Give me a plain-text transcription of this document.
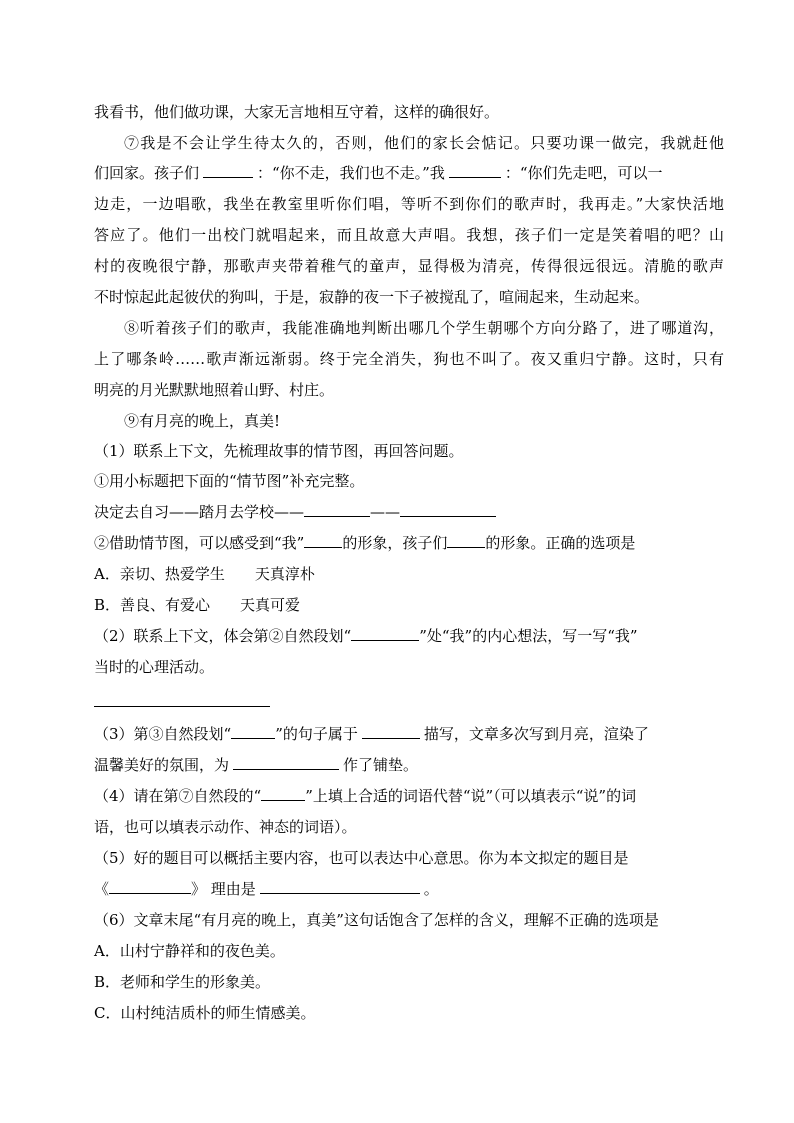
我看书，他们做功课，大家无言地相互守着，这样的确很好。
⑦我是不会让学生待太久的，否则，他们的家长会惦记。只要功课一做完，我就赶他
们回家。孩子们	：“你不走，我们也不走。”我	：“你们先走吧，可以一
边走，一边唱歌，我坐在教室里听你们唱，等听不到你们的歌声时，我再走。”大家快活地
答应了。他们一出校门就唱起来，而且故意大声唱。我想，孩子们一定是笑着唱的吧？山
村的夜晚很宁静，那歌声夹带着稚气的童声，显得极为清亮，传得很远很远。清脆的歌声
不时惊起此起彼伏的狗叫，于是，寂静的夜一下子被搅乱了，喧闹起来，生动起来。
⑧听着孩子们的歌声，我能准确地判断出哪几个学生朝哪个方向分路了，进了哪道沟，
上了哪条岭……歌声渐远渐弱。终于完全消失，狗也不叫了。夜又重归宁静。这时，只有
明亮的月光默默地照着山野、村庄。
⑨有月亮的晚上，真美!
（1）联系上下文，先梳理故事的情节图，再回答问题。
①用小标题把下面的“情节图”补充完整。
决定去自习——踏月去学校——	——
②借助情节图，可以感受到“我”	的形象，孩子们	的形象。正确的选项是
A．亲切、热爱学生　　天真淳朴
B．善良、有爱心　　天真可爱
（2）联系上下文，体会第②自然段划“	”处“我”的内心想法，写一写“我”
当时的心理活动。
（3）第③自然段划“	”的句子属于	描写，文章多次写到月亮，渲染了
温馨美好的氛围，为	作了铺垫。
（4）请在第⑦自然段的“	”上填上合适的词语代替“说”（可以填表示“说”的词
语，也可以填表示动作、神态的词语）。
（5）好的题目可以概括主要内容，也可以表达中心意思。你为本文拟定的题目是
《	》 理由是	。
（6）文章末尾“有月亮的晚上，真美”这句话饱含了怎样的含义，理解不正确的选项是
A．山村宁静祥和的夜色美。
B．老师和学生的形象美。
C．山村纯洁质朴的师生情感美。
